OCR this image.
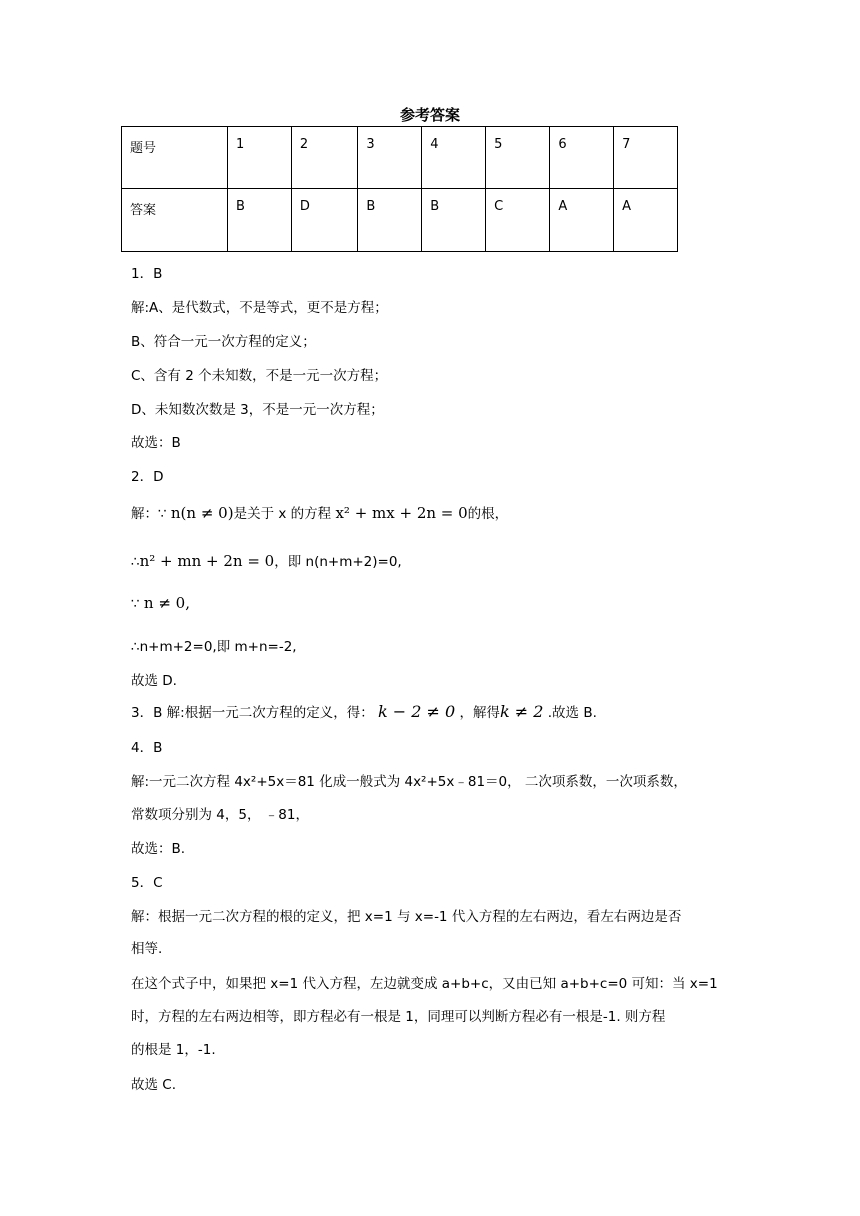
参考答案
题号	1	2	3	4	5	6	7
答案	B	D	B	B	C	A	A
1．B
解:A、是代数式，不是等式，更不是方程；
B、符合一元一次方程的定义；
C、含有 2 个未知数，不是一元一次方程；
D、未知数次数是 3，不是一元一次方程；
故选：B
2．D
解：∵ n(n ≠ 0)是关于 x 的方程 x² + mx + 2n = 0的根，
∴n² + mn + 2n = 0，即 n(n+m+2)=0,
∵ n ≠ 0,
∴n+m+2=0,即 m+n=-2,
故选 D.
3．B 解:根据一元二次方程的定义，得： k − 2 ≠ 0 ，解得k ≠ 2 .故选 B.
4．B
解:一元二次方程 4x²+5x＝81 化成一般式为 4x²+5x﹣81＝0， 二次项系数，一次项系数，
常数项分别为 4，5， ﹣81，
故选：B.
5．C
解：根据一元二次方程的根的定义，把 x=1 与 x=-1 代入方程的左右两边，看左右两边是否
相等.
在这个式子中，如果把 x=1 代入方程，左边就变成 a+b+c，又由已知 a+b+c=0 可知：当 x=1
时，方程的左右两边相等，即方程必有一根是 1，同理可以判断方程必有一根是-1. 则方程
的根是 1，-1.
故选 C.
